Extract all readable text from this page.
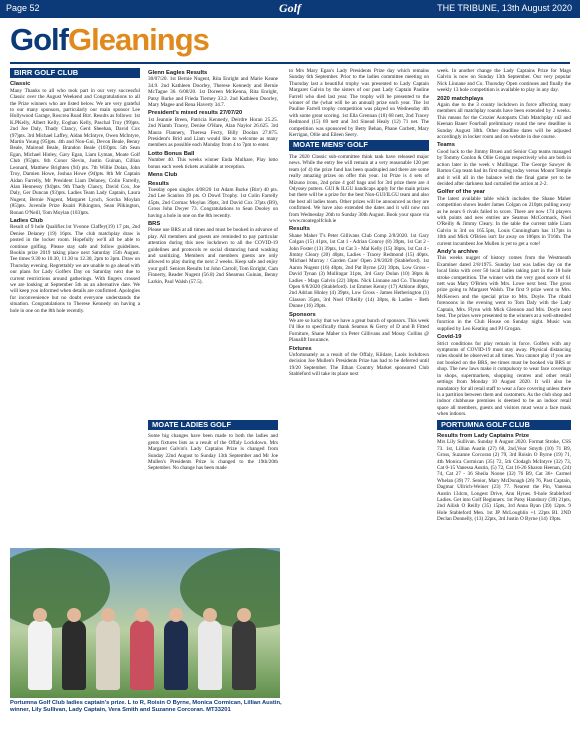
Page 52	Golf	THE TRIBUNE, 13th August 2020
GolfGleanings
BIRR GOLF CLUB
Classic

Many Thanks to all who took part in our very successful Classic over the August Weekend and Congratulations to all the Prize winners who are listed below. We are very grateful to our many sponsors, particularly our main sponsor Lee Hollywood Garage, Roscrea Road Birr. Results as follows: 1st K.PKelly, Albert Kelly, Eoghan Kelly, Paschal Troy (99)pts. 2nd Joe Daly, Thady Clancy, Gerd Sheehan, David Cox (97)pts. 3rd Michael Laffey, Aidan McIntyre, Owen McIntyre, Martin Young (95)pts. 4th and Non-Gui, Devon Beale, Benny Beale, Mairead Beale, Brandon Beale (103)pts. 5th Sean Egan, Michael Hinley, Gary Egan, Liam Lyman, Moate Golf Club (95)pts. 6th Conor Slevin, Justin Guinan, Cillian Leonard, Matthew Brighten (94) pts. 7th Willie Dolan, John Troy, Damien Howe, Joshua Howe (94)pts. 8th Mr Captain Aidan Farrelly, Mr President Liam Delaney, Colin Farrelly, Alan Hennessy (94)pts. 9th Thady Clancy, David Cox, Joe Daly, Ger Duncan (93)pts. Ladies Team Lady Captain, Laura Nugent, Bernie Nugent, Margaret Lynch, Sorcha Moylan (85)pts. Juvenile Prize Ruairi Pilkington, Sean Pilkington, Ronan O'Neill, Tom Moylan (103)pts.

Ladies Club

Result of 9 hole Qualifier.1st Yvonne Claffey(19) 17 pts, 2nd Denise Delaney (19) 16pts. The club matchplay draw is posted in the locker room. Hopefully we'll all be able to continue golfing. Please stay safe and follow guidelines. Bookin prize 2019 taking place next Saturday 15th August. Tee times 9.30 to 10.30, 11.30 to 12.30, 2pm to 3pm. Draw on Thursday evening. Regrettably we are unable to go ahead with our plans for Lady Golfers Day on Saturday next due to current restrictions around gatherings. With fingers crossed we are looking at September 5th as an alternative date. We will keep you informed when details are confirmed. Apologies for inconvenience but no doubt everyone understands the situation. Congratulations to Therese Kennedy on having a hole in one on the 8th hole recently.

Glenn Eagles Results

30/07/20. 1st Bernie Nugent, Rita Enright and Marie Keane 34.9. 2nd Kathleen Doorley, Therese Kennedy and Bernie McTague 36. 6/08/20. 1st Doreen McKenna, Rita Enright, Patsy Burke and Frieda Tierney 33.2. 2nd Kathleen Doorley, Mary Magee and Rena Haverty 34.7.

President's mixed results 27/07/20

1st Jeannie Breen, Patricia Kennedy, Deirdre Horan 25.25. 2nd Niamh Tracey, Denise O'Hare, Alan Naylor 26.625. 3rd Maura Flannery, Theresa Fecty, Billy Doolan 27.875. President's Brid and Liam would like to welcome as many members as possible each Monday from 4 to 7pm to enter.

Lotto Bonus Ball

Number 40. This weeks winner Enda Mulhare, Play lotto bonus each week tickets available at reception.

Mens Club
Results

Tuesday open singles 4/08/20 1st Adam Burke (Birr) 40 pts. 2nd Lee Scanlon 39 pts. O Dowd Trophy. 1st Colin Farrelly 45pts, 2nd Cormac Moylan 39pts, 3rd David Cox 37pts (B9), Gross John Dwyer 73. Congratulations to Sean Dooley on having a hole in one on the 8th recently.

BRS

Please use BRS at all times and must be booked in advance of play. All members and guests are reminded to pay particular attention during this new lockdown to all the COVID-19 guidelines and protocols re social distancing hand washing and sanitizing. Members and members guests are only allowed to play during the next 2 weeks. Keep safe and enjoy your golf. Seniors Results 1st John Carroll, Tom Enright, Cam Finnerty, Reader Nugent (56.8) 2nd Sheamus Guinan, Benny Larkin, Paul Walsh (57.5).

MOATE LADIES GOLF

Some big changes have been made to both the ladies and gents fixtures lists as a result of the Offaly Lockdown. Mrs Margaret Galvin's Lady Captains Prize is changed from Sunday 22nd August to Sunday 13th September and Mr Joe Mullen's Presidents Prize is changed to the 19th/20th September. No change has been made

to Mrs Mary Egan's Lady Presidents Prize day which remains Sunday 6th September. Prior to the ladies committee meeting on Thursday last a beautiful trophy was presented to Lady Captain Margaret Galvin by the sisters of our past Lady Captain Pauline Farrell who died last year. The trophy will be presented to the winner of the (what will be an annual) prize each year. The 1st Pauline Farrell trophy competition was played on Wednesday 4th with some great scoring. 1st Ella Grennan (18) 68 nett, 2nd Tracey Redmond (15) 69 nett and 3rd Sinead Healy (12) 71 net. The competition was sponsored by Betty Behan, Phane Corbett, Mary Kerrigan, Ollie and Eileen Seery.

MOATE MENS' GOLF

The 2020 Classic sub-committee think tank have released major news. While the entry fee will remain at a very reasonable 120 per team (of 4) the prize fund has been quadrupled and there are some really amazing prizes on offer this year. 1st Prize is 4 sets of Mizuno irons, 2nd prize 4 golf bags and for 3rd prize there are 4 Odyssey putters. GUI & ILGU handicaps apply for the main prizes but there will be a prize for the best Non-GUI/ILGU team and also the best all ladies team. Other prizes will be announced as they are confirmed. We have also extended the dates and it will now run from Wednesday 26th to Sunday 30th August. Book your space via www.moategolfclub.ie

Results

Shane Maher T's Peter Gillivans Club Comp 2/8/2020. 1st Gary Colgan (15) 41pts, 1st Cat 1 - Adrian Conroy (8) 39pts, 1st Cat 2 - John Foster (13) 39pts, 1st Cat 3 - Mal Kelly (15) 38pts, 1st Cat 4 - Jimmy Cleary (20) 40pts, Ladies - Tracey Redmond (15) 40pts. 'Michael Murray / Garden Care' Open 2/8/2020 (Stableford). 1st Aaron Nugent (16) 40pts, 2nd Pat Byrne (22) 39pts, Low Gross - David Tynan (3) Mullingar 31pts, 3rd Gary Dolan (10) 38pts & Ladies - Mags Galvin (22) 38pts. Nick Linnane and Co. Thursday Open 6/8/2020 (Stableford). 1st Emmet Kenny (17) Athlone 40pts, 2nd Adrian Hinley (4) 39pts, Low Gross - James Hetherington (1) Glasson 35pts, 3rd Noel O'Reilly (14) 38pts, & Ladies - Beth Dunne (16) 29pts.

Sponsors

We are so lucky that we have a great bunch of sponsors. This week I'd like to specifically thank Seamus & Gerry of D and B Fitted Furniture, Shane Maher t/a Peter Gillivans and Mossy Collins @ Planalift Insurance.

Fixtures

Unfortunately as a result of the Offaly, Kildare, Laois lockdown decision Joe Mullen's Presidents Prize has had to be deferred until 19/20 September. The Ethan Country Market sponsored Club Stableford will take its place next

week. In another change the Lady Captains Prize for Mags Galvin is now on Sunday 13th September. Our very popular Nick Linnane and Co. Thursday Open continues and finally the weekly 13 hole competition is available to play in any day.

2020 matchplays

Again due to the 3 county lockdown in force affecting many members all matchplay rounds have been extended by 2 weeks. This means for the Crozier Autoparts Club Matchplay r42 and Keenan Bauer Fourball preliminary round the new deadline is Sunday August 30th. Other deadline dates will be adjusted accordingly in locker room and on website in due course.

Teams

Good luck to the Jimmy Bruen and Senior Cup teams managed by Tommy Conlon & Ollie Grogan respectively who are both in action later in the week v Mullingar. The George Sawyer & Barton Cup team had its first outing today versus Mount Temple and it will all in the balance with the final game yet to be decided after darkness had curtailed the action at 2-2.

Golfer of the year

The latest available table which includes the Shane Maher competition shows leader James Colgan on 210pts pulling away as he nears 6 rivals failed to score. There are now 174 players with points and new entries are Seamus McCormack, Noel O'Reilly & Jimmy Cleary. In the table the current table Liam Galvin is 3rd on 165.5pts, Louis Cunningham has 117pts in 10th and Mick O'Brien isn't far away on 106pts in T16th. The current incumbent Joe Mullen is yet to get a vote!

Andy's archive

This weeks nugget of history comes from the Westmeath Examiner dated 2/8/1975. Sunday last was ladies day on the local links with over 50 local ladies taking part in the 18 hole stroke competition. The winner with the very good score of 61 nett was Mary O'Brien with Mrs. Lowe next best. The gross prize going to Margaret Walsh. The first 9 prize went to Mrs. McKeown and the special prize to Mrs. Doyle. The ribald forenoons in the evening went to Tom Daly with the Lady Captain, Mrs. Flynn with Mick Glennon and Mrs. Doyle next best. The prizes were presented to the winners at a well-attended function in the Club House on Sunday night. Music was supplied by Leo Keating and PJ Grogan.

Covid-19

Strict conditions for play remain in force. Golfers with any symptoms of COVID-19 must stay away. Physical distancing rules should be observed at all times. You cannot play if you are not booked on the BRS, tee times must be booked via BRS or shop. The new laws make it compulsory to wear face coverings in shops, supermarkets, shopping centres and other retail settings from Monday 10 August 2020. It will also be mandatory for all retail staff to wear a face covering unless there is a partition between them and customers. As the club shop and indoor clubhouse premises is deemed to be an indoor retail space all members, guests and visitors must wear a face mask when indoors.

PORTUMNA GOLF CLUB
Results from Lady Captains Prize

Mrs Lily Sullivan. Sunday 8 August 2020. Format Stroke, CSS 73. 1st, Lillian Austin (27) 68, 2nd,Vear Smyth (10) 71 B9, Gross, Suzanne Corcoran (2) 79, 3rd Roisin O Byrne (19) 71, 4th Monica Cormican (35) 72, 5th Clodagh McIntyre (32) 73, Cat 0-15 Vanessa Austin, (5) 72, Cat 16-26 Sharon Heenan, (24) 74, Cat 27 - 36 Sheila Noone (32) 76 B9, Cat 36+ Carmel Whelan (39) 77. Senior, Mary McDonagh (26) 76, Past Captain, Dagmar Ullrich-Weiner (23) 77. Nearest the Pin, Vanessa Austin 134cm, Longest Drive, Ann Hynes. 9-hole Stableford Ladies. Get into Golf Beginners. 1st Patsy Hansbury (39) 21pts, 2nd Ailish O Reilly (35) 15pts, 3rd Anna Ryan (39) 12pts. 9 Hole Stableford Men. 1st JP McLoughlin +1 22pts BI. 2ND Declan Donnelly, (13) 22pts, 3rd Justin O Byrne (14) 19pts.

Portumna Golf Club ladies captain's prize. L to R, Roisin O Byrne, Monica Cormican, Lillian Austin, winner, Lily Sullivan, Lady Captain, Vera Smith and Suzanne Corcoran. MT33201
